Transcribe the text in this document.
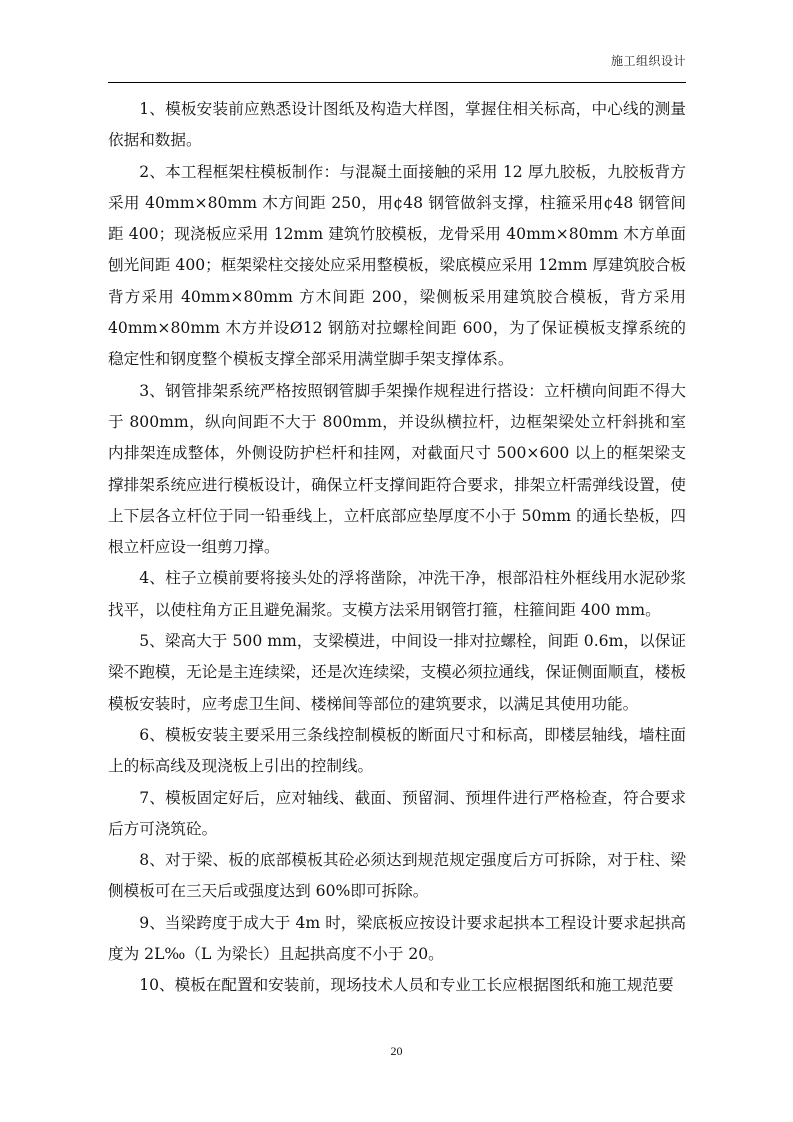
施工组织设计

1、模板安装前应熟悉设计图纸及构造大样图，掌握住相关标高，中心线的测量依据和数据。

2、本工程框架柱模板制作：与混凝土面接触的采用 12 厚九胶板，九胶板背方采用 40mm×80mm 木方间距 250，用¢48 钢管做斜支撑，柱箍采用¢48 钢管间距 400；现浇板应采用 12mm 建筑竹胶模板，龙骨采用 40mm×80mm 木方单面刨光间距 400；框架梁柱交接处应采用整模板，梁底模应采用 12mm 厚建筑胶合板背方采用 40mm×80mm 方木间距 200，梁侧板采用建筑胶合模板，背方采用 40mm×80mm 木方并设Ø12 钢筋对拉螺栓间距 600，为了保证模板支撑系统的稳定性和钢度整个模板支撑全部采用满堂脚手架支撑体系。

3、钢管排架系统严格按照钢管脚手架操作规程进行搭设：立杆横向间距不得大于 800mm，纵向间距不大于 800mm，并设纵横拉杆，边框架梁处立杆斜挑和室内排架连成整体，外侧设防护栏杆和挂网，对截面尺寸 500×600 以上的框架梁支撑排架系统应进行模板设计，确保立杆支撑间距符合要求，排架立杆需弹线设置，使上下层各立杆位于同一铅垂线上，立杆底部应垫厚度不小于 50mm 的通长垫板，四根立杆应设一组剪刀撑。

4、柱子立模前要将接头处的浮将凿除，冲洗干净，根部沿柱外框线用水泥砂浆找平，以使柱角方正且避免漏浆。支模方法采用钢管打箍，柱箍间距 400 mm。

5、梁高大于 500 mm，支梁模进，中间设一排对拉螺栓，间距 0.6m，以保证梁不跑模，无论是主连续梁，还是次连续梁，支模必须拉通线，保证侧面顺直，楼板模板安装时，应考虑卫生间、楼梯间等部位的建筑要求，以满足其使用功能。

6、模板安装主要采用三条线控制模板的断面尺寸和标高，即楼层轴线，墙柱面上的标高线及现浇板上引出的控制线。

7、模板固定好后，应对轴线、截面、预留洞、预埋件进行严格检查，符合要求后方可浇筑砼。

8、对于梁、板的底部模板其砼必须达到规范规定强度后方可拆除，对于柱、梁侧模板可在三天后或强度达到 60%即可拆除。

9、当梁跨度于成大于 4m 时，梁底板应按设计要求起拱本工程设计要求起拱高度为 2L‰（L 为梁长）且起拱高度不小于 20。

10、模板在配置和安装前，现场技术人员和专业工长应根据图纸和施工规范要

20
